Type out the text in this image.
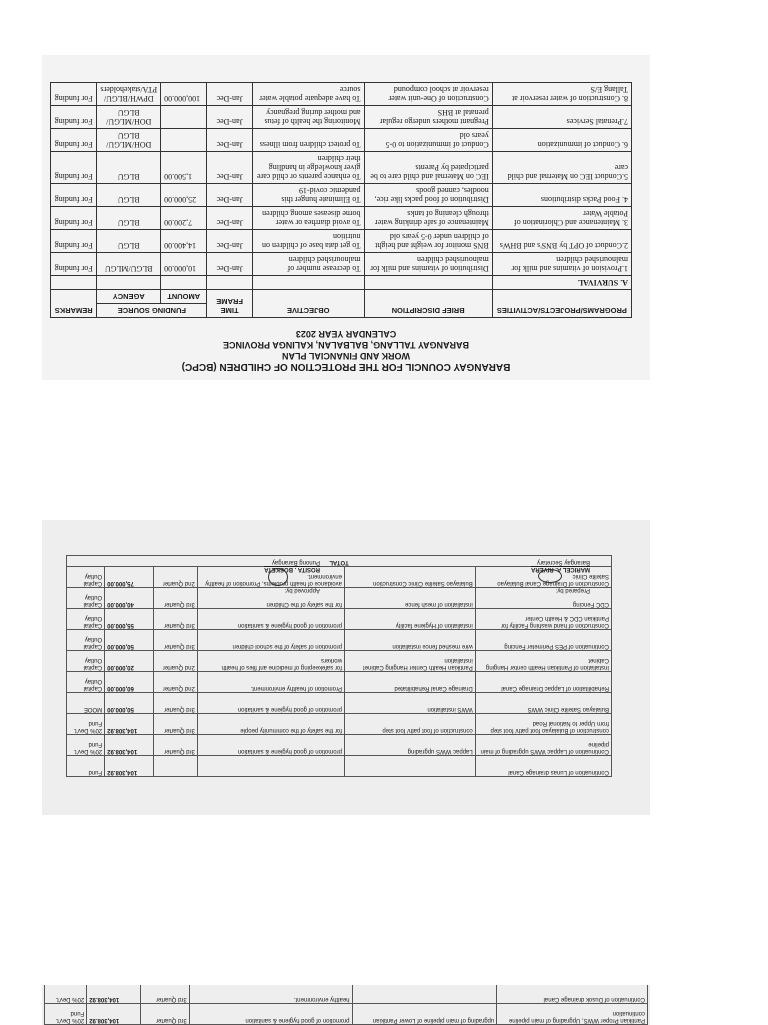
BARANGAY COUNCIL FOR THE PROTECTION OF CHILDREN (BCPC)
WORK AND FINANCIAL PLAN
BARANGAY TALLANG, BALBALAN, KALINGA PROVINCE
CALENDAR YEAR 2023
PROGRAMS/PROJECTS/ACTIVITIES	BRIEF DISCRIPTION	OBJECTIVE	TIME FRAME	FUNDING SOURCE		REMARKS
				AMOUNT	AGENCY	
A. SURVIVAL						
1.Provision of vitamins and milk for malnourished children	Distribution of vitamins and milk for malnourished children	To decrease number of malnourished children	Jan-Dec	10,000.00	BLGU/MLGU	For funding
2.Conduct of OPT by BNS's and BHWs	BNS monitor for weight and height of children under 0-5 years old	To get data base of children on nutrition	Jan-Dec	14,400.00	BLGU	For funding
3. Maintenance and Chlorination of Potable Water	Maintenance of safe drinking water through cleaning of tanks	To avoid diarrhea or water borne diseases among children	Jan-Dec	7,200.00	BLGU	For funding
4. Food Packs distributions	Distribution of food packs like rice, noodles, canned goods	To Eliminate hunger this pandemic covid-19	Jan-Dec	25,000.00	BLGU	For funding
5.Conduct IEC on Maternal and child care	IEC on Maternal and child care to be participated by Parents	To enhance parents or child care giver knowledge in handling their children	Jan-Dec	1,500.00	BLGU	For funding
6. Conduct of immunization	Conduct of immunization to 0-5 years old	To protect children from illness	Jan-Dec		DOH/MLGU/ BLGU	For funding
7.Prenatal Services	Pregnant mothers undergo regular prenatal at BHS	Monitoring the health of fetus and mother during pregnancy	Jan-Dec		DOH/MLGU/ BLGU	For funding
8. Construction of water reservoir at Tallang E/S	Construction of One-unit water reservoir at school compound	To have adequate potable water source	Jan-Dec	100,000.00	DPWH/BLGU/ PTA/stakeholders	For funding
Continuation of Lunas drainage Canal				104,308.92	Fund
Continuation of Lappac WWS upgrading of main pipeline	Lappac WWS upgrading	promotion of good hygiene & sanitation	3rd Quarter	104,308.92	20% Dev't. Fund
construction of Bulalayao foot path/ foot step from Upper to National Road	construction of foot path/ foot step	for the safety of the community people	3rd Quarter	104,308.92	20% Dev't. Fund
Bulalayao Satelite Clinic WWS	WWS installation	promotion of good hygiene & sanitation	3rd Quarter	50,000.00	MOOE
Rehabilitation of Lappac Drainage Canal	Drainage Canal Rehabilitated	Promotion of healthy environment.	2nd Quarter	60,000.00	Capital Outlay
Installation of Pantikian Health center Hanging Cabinet	Pantikian Health Center Hanging Cabinet installation	for safekeeping of medicine anf files of health workers	2nd Quarter	20,000.00	Capital Outlay
Continuation of PES Perimeter Fencing	wire meshed fence installation	promotion of safety of the school children	3rd Quarter	50,000.00	Capital Outlay
Construction of hand washing Facility for Pantikian CDC & Health Center	installation of Hygiene facility	promotion of good hygiene & sanitation	3rd Quarter	55,000.00	Capital Outlay
CDC Fencing	installation of mesh fence	for the safety of the Children	3rd Quarter	40,000.00	Capital Outlay
Construction of Drainage Canal Bulalayao Satelite Clinic	Bulalayao Satelite Clinic Construction	avoidance of health problems, Promotion of healthy environment.	2nd Quarter	75,000.00	Capital Outlay
TOTAL					
Prepared by:
MARICEL A. RIVERA
Barangay Secretary
Approved by:
ROSITA . BOSKETA
Punong Barangay
Pantikian Proper WWS, Upgrading of main pipeline continuation	upgrading of main pipeline of Lower Pantikian	promotion of good hygiene & sanitation	3rd Quarter	104,308.92	20% Dev't. Fund
Continuation of Dusok drainage Canal		healthy environment.	3rd Quarter	104,308.92	20% Dev't.
